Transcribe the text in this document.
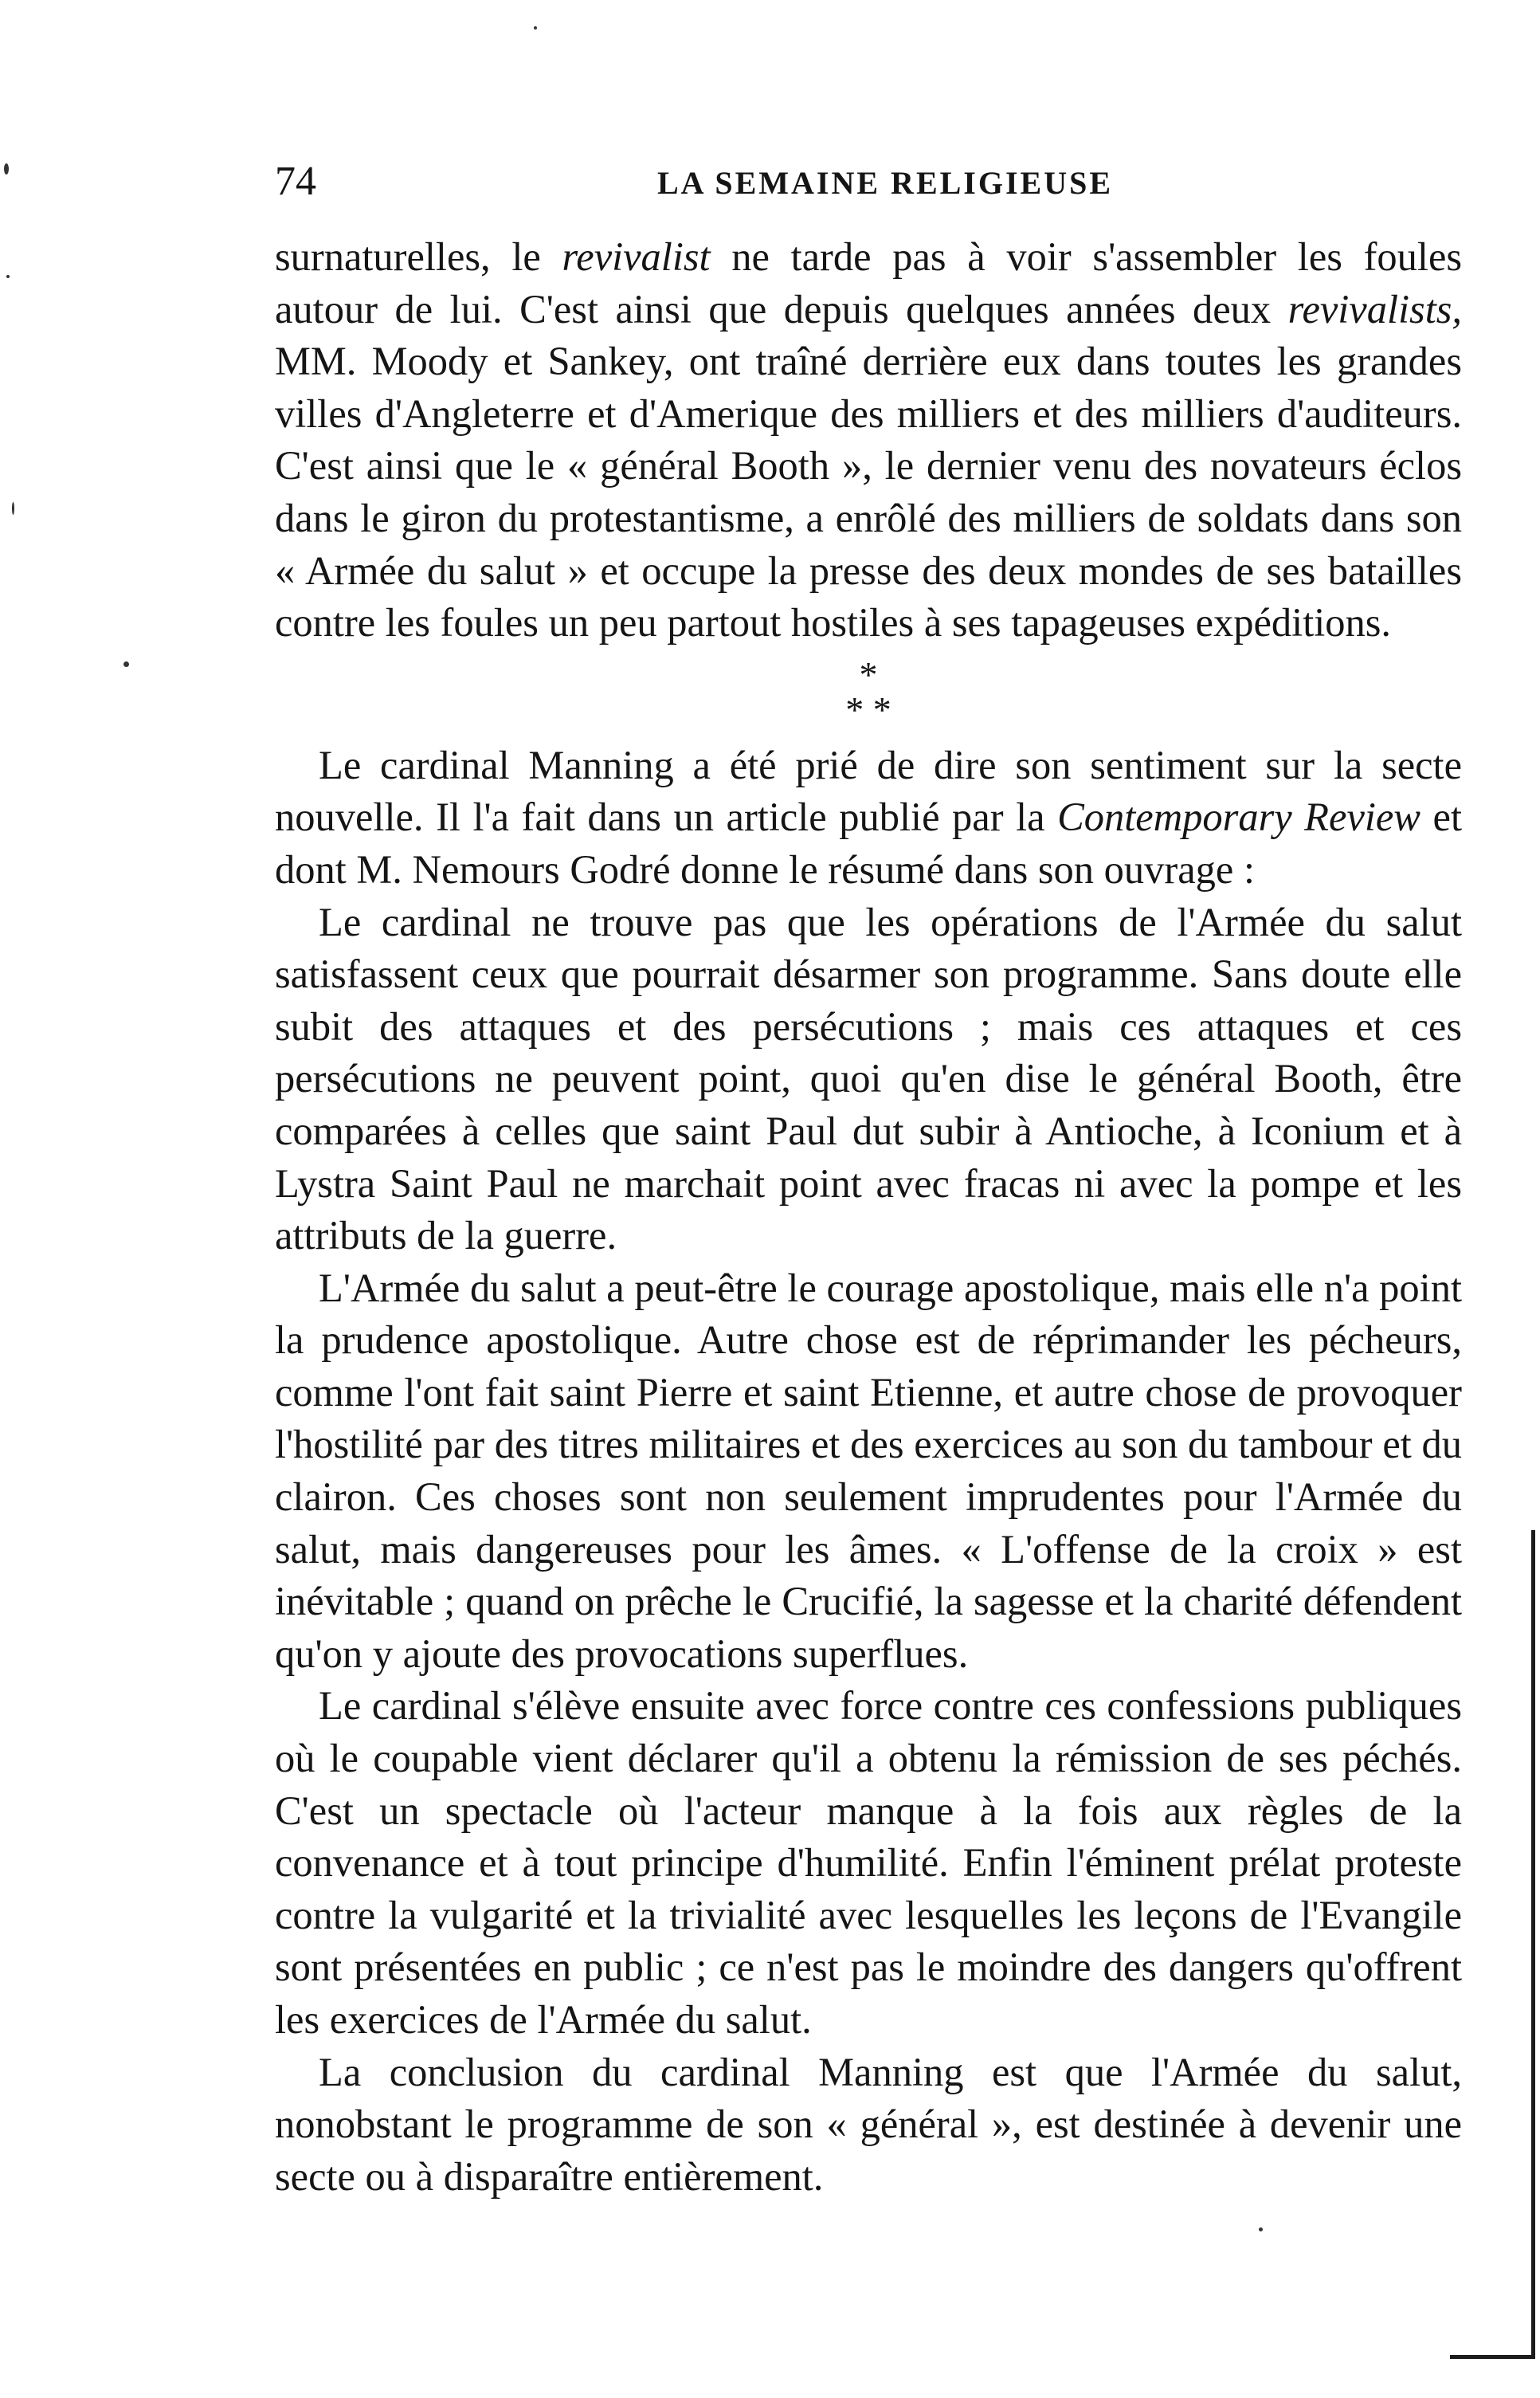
74	LA SEMAINE RELIGIEUSE

surnaturelles, le revivalist ne tarde pas à voir s'assembler les foules autour de lui. C'est ainsi que depuis quelques années deux revivalists, MM. Moody et Sankey, ont traîné derrière eux dans toutes les grandes villes d'Angleterre et d'Amerique des milliers et des milliers d'auditeurs. C'est ainsi que le « général Booth », le dernier venu des novateurs éclos dans le giron du protestantisme, a enrôlé des milliers de soldats dans son « Armée du salut » et occupe la presse des deux mondes de ses batailles contre les foules un peu partout hostiles à ses tapageuses expéditions.

*
* *

Le cardinal Manning a été prié de dire son sentiment sur la secte nouvelle. Il l'a fait dans un article publié par la Contemporary Review et dont M. Nemours Godré donne le résumé dans son ouvrage :

Le cardinal ne trouve pas que les opérations de l'Armée du salut satisfassent ceux que pourrait désarmer son programme. Sans doute elle subit des attaques et des persécutions ; mais ces attaques et ces persécutions ne peuvent point, quoi qu'en dise le général Booth, être comparées à celles que saint Paul dut subir à Antioche, à Iconium et à Lystra Saint Paul ne marchait point avec fracas ni avec la pompe et les attributs de la guerre.

L'Armée du salut a peut-être le courage apostolique, mais elle n'a point la prudence apostolique. Autre chose est de réprimander les pécheurs, comme l'ont fait saint Pierre et saint Etienne, et autre chose de provoquer l'hostilité par des titres militaires et des exercices au son du tambour et du clairon. Ces choses sont non seulement imprudentes pour l'Armée du salut, mais dangereuses pour les âmes. « L'offense de la croix » est inévitable ; quand on prêche le Crucifié, la sagesse et la charité défendent qu'on y ajoute des provocations superflues.

Le cardinal s'élève ensuite avec force contre ces confessions publiques où le coupable vient déclarer qu'il a obtenu la rémission de ses péchés. C'est un spectacle où l'acteur manque à la fois aux règles de la convenance et à tout principe d'humilité. Enfin l'éminent prélat proteste contre la vulgarité et la trivialité avec lesquelles les leçons de l'Evangile sont présentées en public ; ce n'est pas le moindre des dangers qu'offrent les exercices de l'Armée du salut.

La conclusion du cardinal Manning est que l'Armée du salut, nonobstant le programme de son « général », est destinée à devenir une secte ou à disparaître entièrement.
